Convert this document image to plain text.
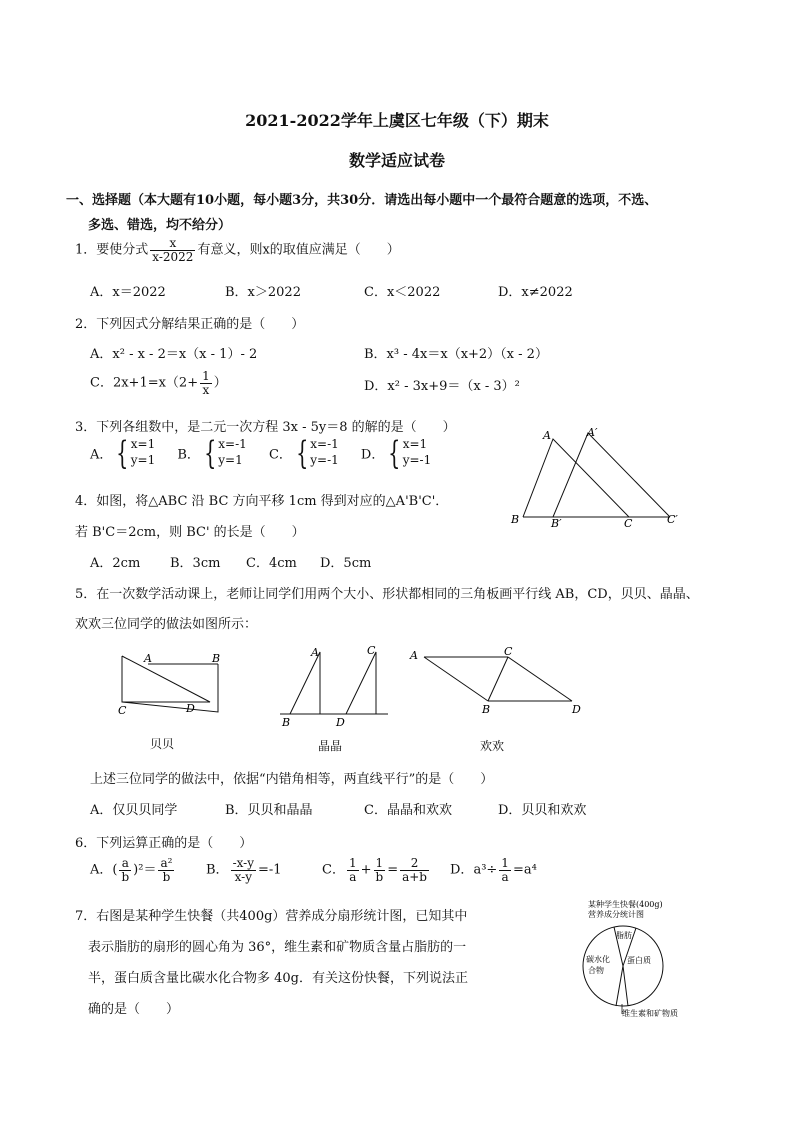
2021-2022学年上虞区七年级（下）期末
数学适应试卷
一、选择题（本大题有10小题，每小题3分，共30分．请选出每小题中一个最符合题意的选项，不选、
多选、错选，均不给分）
1．要使分式 $\frac{x}{x-2022}$ 有意义，则x的取值应满足（　　）
A．x＝2022	B．x＞2022	C．x＜2022	D．x≠2022
2．下列因式分解结果正确的是（　　）
A．x² - x - 2＝x（x - 1）- 2	B．x³ - 4x＝x（x+2）（x - 2）
C．$2x+1=x(2+ \frac{1}{x}$ ）	D．x² - 3x+9＝（x - 3）²
3．下列各组数中，是二元一次方程 3x - 5y＝8 的解的是（　　）
A． { x=1
y=1 B． { x=-1
y=1 C． { x=-1
y=-1 D． { x=1
y=-1
A	A′
B	B′	C	C′
4．如图，将△ABC 沿 BC 方向平移 1cm 得到对应的△A'B'C'．
若 B'C＝2cm，则 BC' 的长是（　　）
A．2cm B．3cm C．4cm D．5cm
5．在一次数学活动课上，老师让同学们用两个大小、形状都相同的三角板画平行线 AB，CD，贝贝、晶晶、
欢欢三位同学的做法如图所示：
A	B
C	D
贝贝
A	C
B	D
晶晶
A	C
B	D
欢欢
上述三位同学的做法中，依据“内错角相等，两直线平行”的是（　　）
A．仅贝贝同学	B．贝贝和晶晶	C．晶晶和欢欢	D．贝贝和欢欢
6．下列运算正确的是（　　）
A．( $\frac{a}{b} )^2= \frac{\text{a²}}{b}$ B． $\frac{-x-y}{x-y} =-1$	C． $\frac{1}{a} + \frac{1}{b} = \frac{2}{a+b}$ D．$a^3\div \frac{1}{a} =a^4$
7．右图是某种学生快餐（共400g）营养成分扇形统计图，已知其中
表示脂肪的扇形的圆心角为 36°，维生素和矿物质含量占脂肪的一
半，蛋白质含量比碳水化合物多 40g．有关这份快餐，下列说法正
确的是（　　）
某种学生快餐(400g)
营养成分统计图
脂肪
蛋白质
碳水化
合物
维生素和矿物质
